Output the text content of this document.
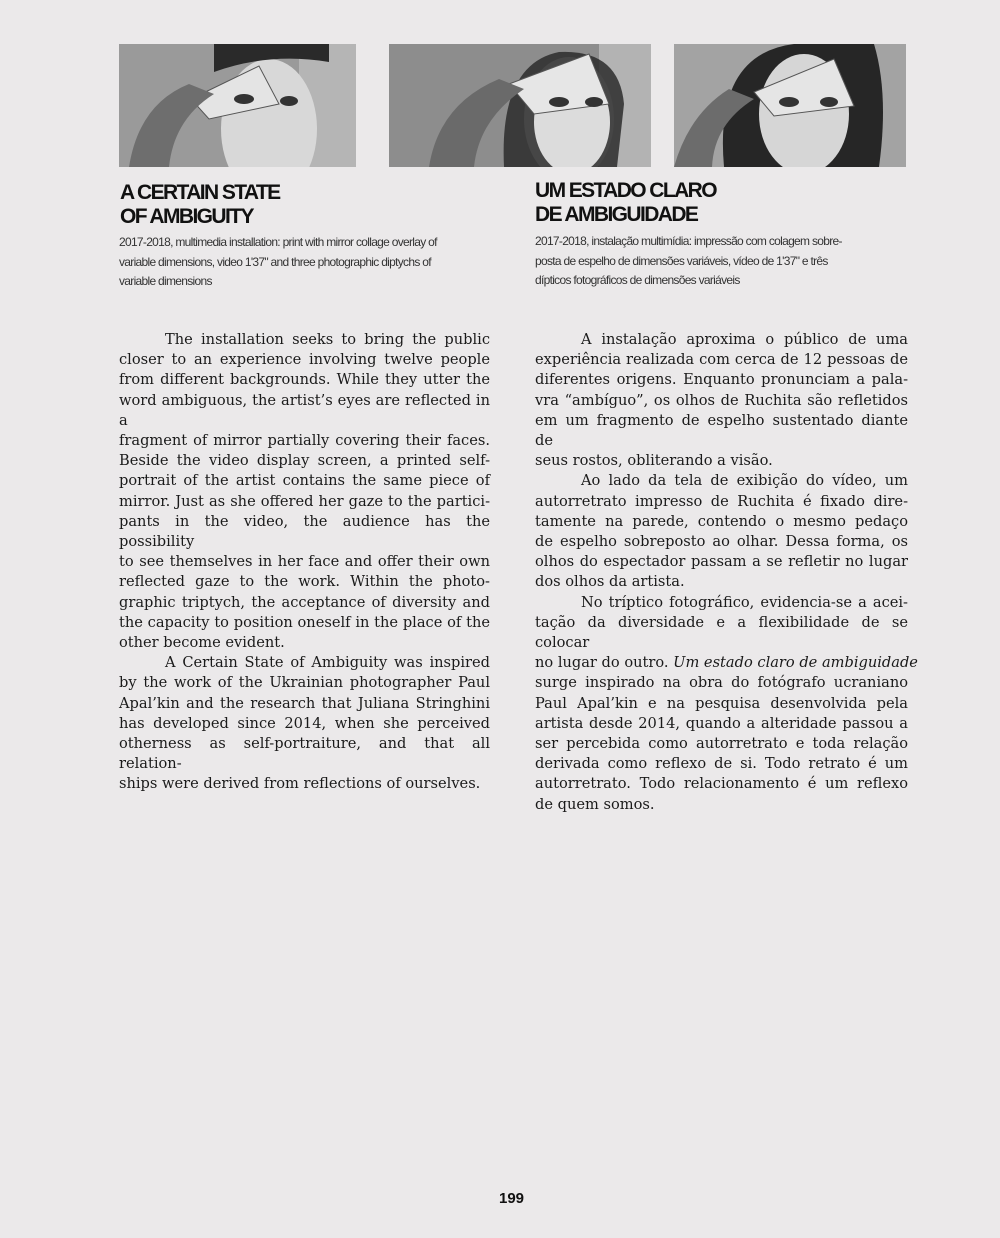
A CERTAIN STATE
OF AMBIGUITY
UM ESTADO CLARO
DE AMBIGUIDADE

2017-2018, multimedia installation: print with mirror collage overlay of
variable dimensions, video 1'37" and three photographic diptychs of
variable dimensions

2017-2018, instalação multimídia: impressão com colagem sobre-
posta de espelho de dimensões variáveis, vídeo de 1'37" e três
dípticos fotográficos de dimensões variáveis

The installation seeks to bring the public
closer to an experience involving twelve people
from different backgrounds. While they utter the
word ambiguous, the artist’s eyes are reflected in a
fragment of mirror partially covering their faces.
Beside the video display screen, a printed self-
portrait of the artist contains the same piece of
mirror. Just as she offered her gaze to the partici-
pants in the video, the audience has the possibility
to see themselves in her face and offer their own
reflected gaze to the work. Within the photo-
graphic triptych, the acceptance of diversity and
the capacity to position oneself in the place of the
other become evident.
A Certain State of Ambiguity was inspired
by the work of the Ukrainian photographer Paul
Apal’kin and the research that Juliana Stringhini
has developed since 2014, when she perceived
otherness as self-portraiture, and that all relation-
ships were derived from reflections of ourselves.
A instalação aproxima o público de uma
experiência realizada com cerca de 12 pessoas de
diferentes origens. Enquanto pronunciam a pala-
vra “ambíguo”, os olhos de Ruchita são refletidos
em um fragmento de espelho sustentado diante de
seus rostos, obliterando a visão.
Ao lado da tela de exibição do vídeo, um
autorretrato impresso de Ruchita é fixado dire-
tamente na parede, contendo o mesmo pedaço
de espelho sobreposto ao olhar. Dessa forma, os
olhos do espectador passam a se refletir no lugar
dos olhos da artista.
No tríptico fotográfico, evidencia-se a acei-
tação da diversidade e a flexibilidade de se colocar
no lugar do outro. Um estado claro de ambiguidade
surge inspirado na obra do fotógrafo ucraniano
Paul Apal’kin e na pesquisa desenvolvida pela
artista desde 2014, quando a alteridade passou a
ser percebida como autorretrato e toda relação
derivada como reflexo de si. Todo retrato é um
autorretrato. Todo relacionamento é um reflexo
de quem somos.

199
